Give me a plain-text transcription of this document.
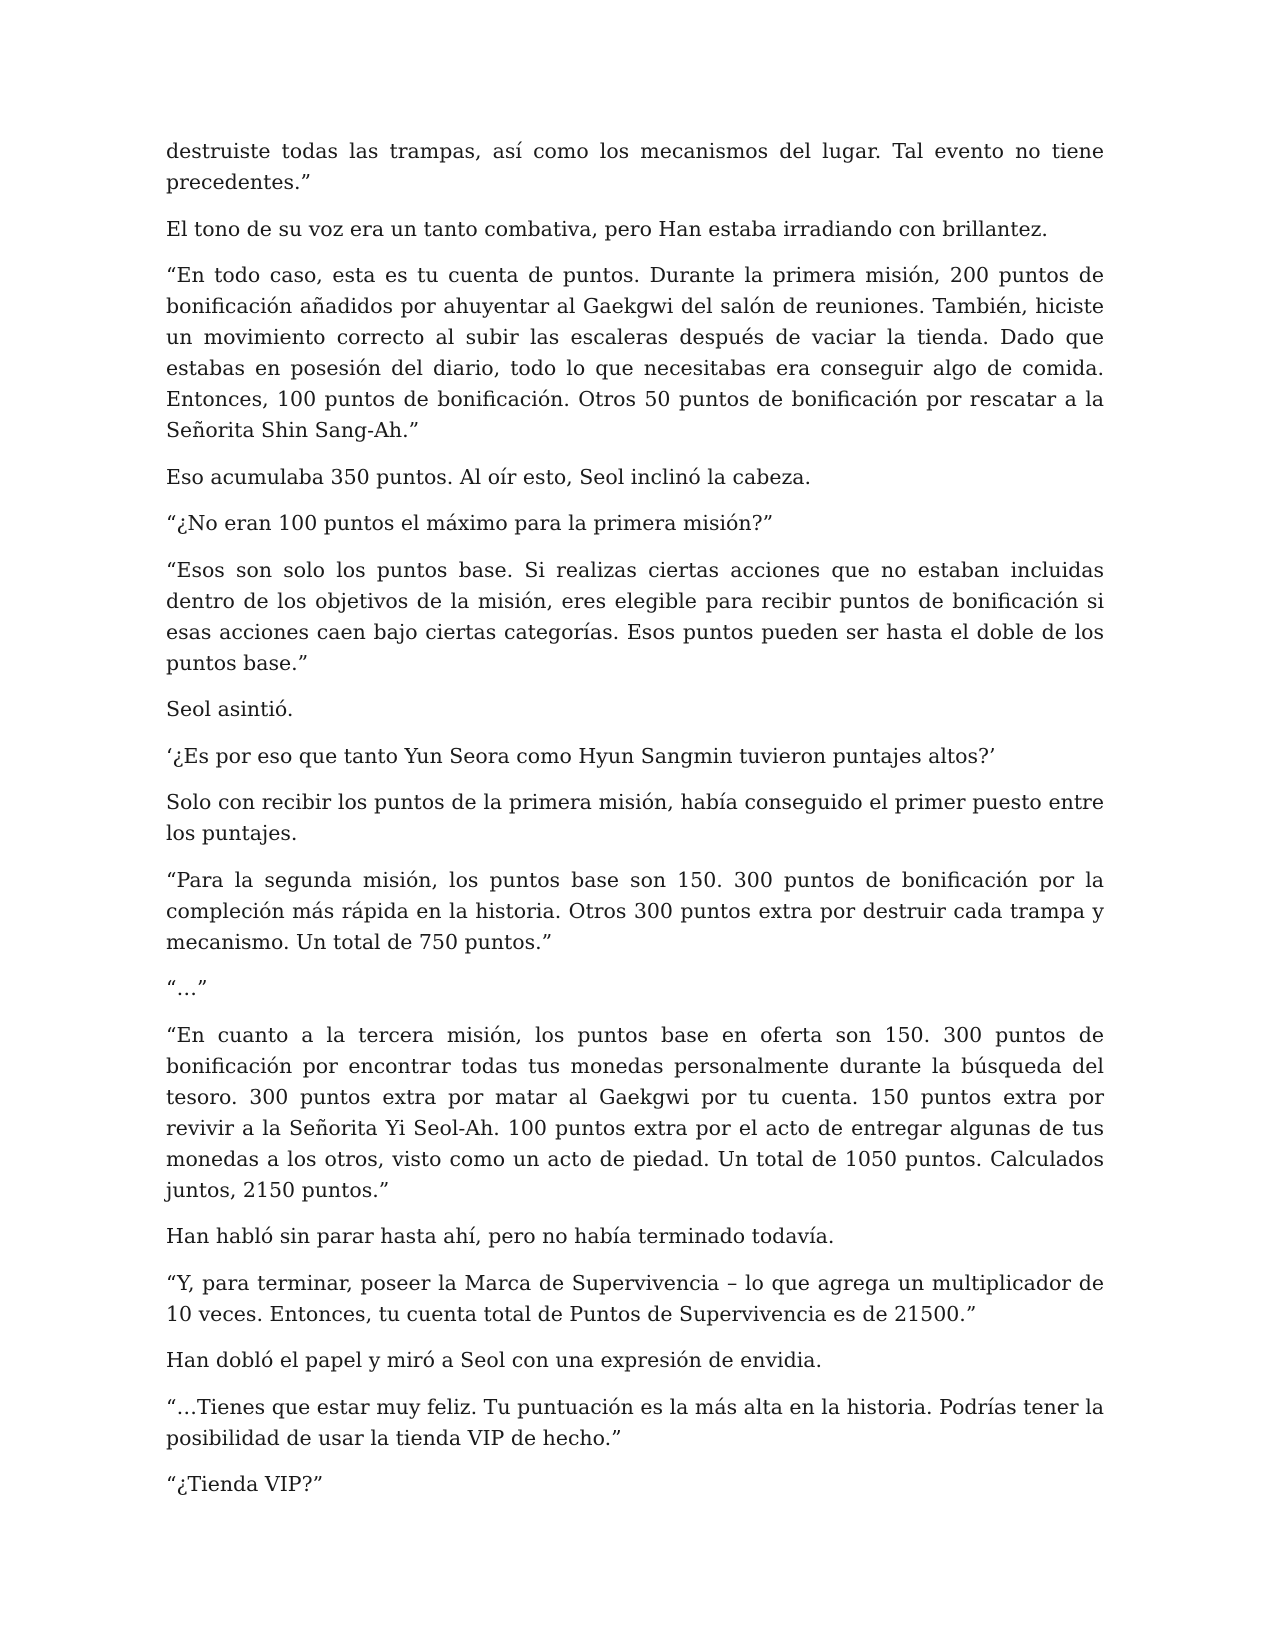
destruiste todas las trampas, así como los mecanismos del lugar. Tal evento no tiene precedentes.”

El tono de su voz era un tanto combativa, pero Han estaba irradiando con brillantez.

“En todo caso, esta es tu cuenta de puntos. Durante la primera misión, 200 puntos de bonificación añadidos por ahuyentar al Gaekgwi del salón de reuniones. También, hiciste un movimiento correcto al subir las escaleras después de vaciar la tienda. Dado que estabas en posesión del diario, todo lo que necesitabas era conseguir algo de comida. Entonces, 100 puntos de bonificación. Otros 50 puntos de bonificación por rescatar a la Señorita Shin Sang-Ah.”

Eso acumulaba 350 puntos. Al oír esto, Seol inclinó la cabeza.

“¿No eran 100 puntos el máximo para la primera misión?”

“Esos son solo los puntos base. Si realizas ciertas acciones que no estaban incluidas dentro de los objetivos de la misión, eres elegible para recibir puntos de bonificación si esas acciones caen bajo ciertas categorías. Esos puntos pueden ser hasta el doble de los puntos base.”

Seol asintió.

‘¿Es por eso que tanto Yun Seora como Hyun Sangmin tuvieron puntajes altos?’

Solo con recibir los puntos de la primera misión, había conseguido el primer puesto entre los puntajes.

“Para la segunda misión, los puntos base son 150. 300 puntos de bonificación por la compleción más rápida en la historia. Otros 300 puntos extra por destruir cada trampa y mecanismo. Un total de 750 puntos.”

“…”

“En cuanto a la tercera misión, los puntos base en oferta son 150. 300 puntos de bonificación por encontrar todas tus monedas personalmente durante la búsqueda del tesoro. 300 puntos extra por matar al Gaekgwi por tu cuenta. 150 puntos extra por revivir a la Señorita Yi Seol-Ah. 100 puntos extra por el acto de entregar algunas de tus monedas a los otros, visto como un acto de piedad. Un total de 1050 puntos. Calculados juntos, 2150 puntos.”

Han habló sin parar hasta ahí, pero no había terminado todavía.

“Y, para terminar, poseer la Marca de Supervivencia – lo que agrega un multiplicador de 10 veces. Entonces, tu cuenta total de Puntos de Supervivencia es de 21500.”

Han dobló el papel y miró a Seol con una expresión de envidia.

“…Tienes que estar muy feliz. Tu puntuación es la más alta en la historia. Podrías tener la posibilidad de usar la tienda VIP de hecho.”

“¿Tienda VIP?”
